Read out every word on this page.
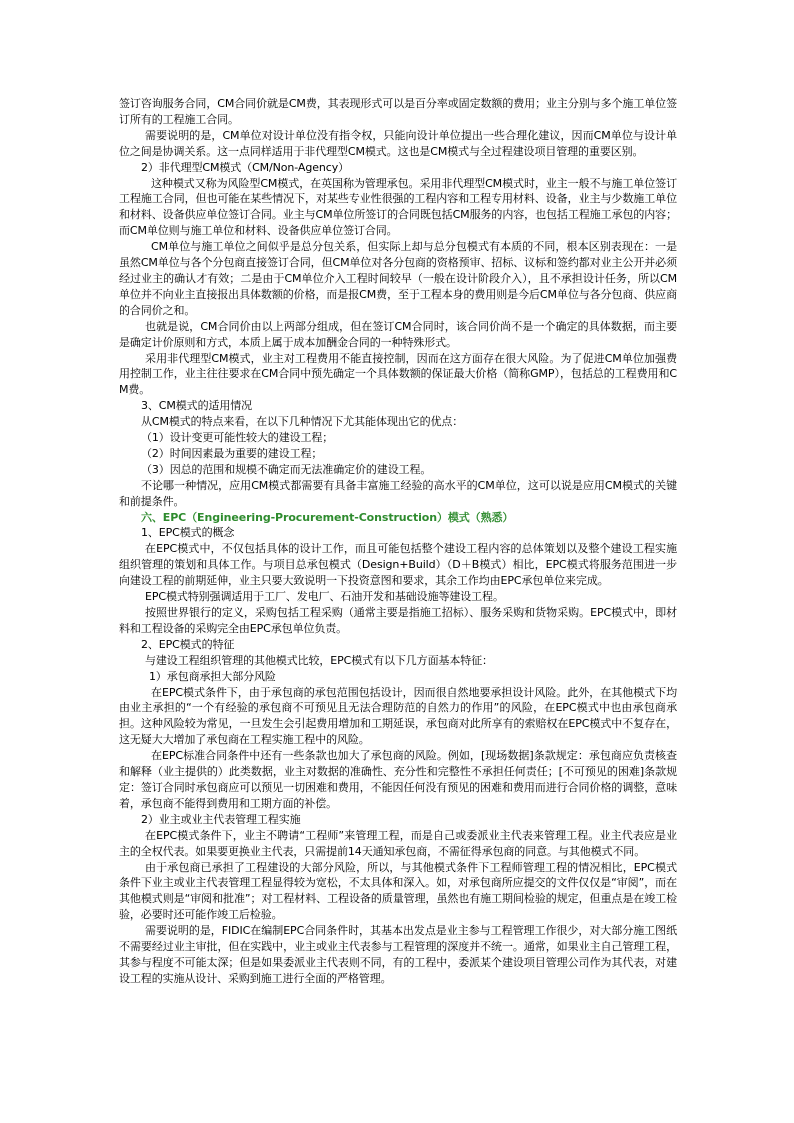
签订咨询服务合同，CM合同价就是CM费，其表现形式可以是百分率或固定数额的费用；业主分别与多个施工单位签订所有的工程施工合同。

需要说明的是，CM单位对设计单位没有指令权，只能向设计单位提出一些合理化建议，因而CM单位与设计单位之间是协调关系。这一点同样适用于非代理型CM模式。这也是CM模式与全过程建设项目管理的重要区别。

2）非代理型CM模式（CM/Non-Agency）

这种模式又称为风险型CM模式，在英国称为管理承包。采用非代理型CM模式时，业主一般不与施工单位签订工程施工合同，但也可能在某些情况下，对某些专业性很强的工程内容和工程专用材料、设备，业主与少数施工单位和材料、设备供应单位签订合同。业主与CM单位所签订的合同既包括CM服务的内容，也包括工程施工承包的内容；而CM单位则与施工单位和材料、设备供应单位签订合同。

CM单位与施工单位之间似乎是总分包关系，但实际上却与总分包模式有本质的不同，根本区别表现在：一是虽然CM单位与各个分包商直接签订合同，但CM单位对各分包商的资格预审、招标、议标和签约都对业主公开并必须经过业主的确认才有效；二是由于CM单位介入工程时间较早（一般在设计阶段介入），且不承担设计任务，所以CM单位并不向业主直接报出具体数额的价格，而是报CM费，至于工程本身的费用则是今后CM单位与各分包商、供应商的合同价之和。

也就是说，CM合同价由以上两部分组成，但在签订CM合同时，该合同价尚不是一个确定的具体数据，而主要是确定计价原则和方式，本质上属于成本加酬金合同的一种特殊形式。

采用非代理型CM模式，业主对工程费用不能直接控制，因而在这方面存在很大风险。为了促进CM单位加强费用控制工作，业主往往要求在CM合同中预先确定一个具体数额的保证最大价格（简称GMP），包括总的工程费用和CM费。

3、CM模式的适用情况

从CM模式的特点来看，在以下几种情况下尤其能体现出它的优点：

（1）设计变更可能性较大的建设工程；

（2）时间因素最为重要的建设工程；

（3）因总的范围和规模不确定而无法准确定价的建设工程。

不论哪一种情况，应用CM模式都需要有具备丰富施工经验的高水平的CM单位，这可以说是应用CM模式的关键和前提条件。

六、EPC（Engineering-Procurement-Construction）模式（熟悉）

1、EPC模式的概念

在EPC模式中，不仅包括具体的设计工作，而且可能包括整个建设工程内容的总体策划以及整个建设工程实施组织管理的策划和具体工作。与项目总承包模式（Design+Build）（D＋B模式）相比，EPC模式将服务范围进一步向建设工程的前期延伸，业主只要大致说明一下投资意图和要求，其余工作均由EPC承包单位来完成。

EPC模式特别强调适用于工厂、发电厂、石油开发和基础设施等建设工程。

按照世界银行的定义，采购包括工程采购（通常主要是指施工招标）、服务采购和货物采购。EPC模式中，即材料和工程设备的采购完全由EPC承包单位负责。

2、EPC模式的特征

与建设工程组织管理的其他模式比较，EPC模式有以下几方面基本特征：

1）承包商承担大部分风险

在EPC模式条件下，由于承包商的承包范围包括设计，因而很自然地要承担设计风险。此外，在其他模式下均由业主承担的“一个有经验的承包商不可预见且无法合理防范的自然力的作用”的风险，在EPC模式中也由承包商承担。这种风险较为常见，一旦发生会引起费用增加和工期延误，承包商对此所享有的索赔权在EPC模式中不复存在，这无疑大大增加了承包商在工程实施工程中的风险。

在EPC标准合同条件中还有一些条款也加大了承包商的风险。例如，[现场数据]条款规定：承包商应负责核查和解释（业主提供的）此类数据，业主对数据的准确性、充分性和完整性不承担任何责任；[不可预见的困难]条款规定：签订合同时承包商应可以预见一切困难和费用，不能因任何没有预见的困难和费用而进行合同价格的调整，意味着，承包商不能得到费用和工期方面的补偿。

2）业主或业主代表管理工程实施

在EPC模式条件下，业主不聘请“工程师”来管理工程，而是自己或委派业主代表来管理工程。业主代表应是业主的全权代表。如果要更换业主代表，只需提前14天通知承包商，不需征得承包商的同意。与其他模式不同。

由于承包商已承担了工程建设的大部分风险，所以，与其他模式条件下工程师管理工程的情况相比，EPC模式条件下业主或业主代表管理工程显得较为宽松，不太具体和深入。如，对承包商所应提交的文件仅仅是“审阅”，而在其他模式则是“审阅和批准”；对工程材料、工程设备的质量管理，虽然也有施工期间检验的规定，但重点是在竣工检验，必要时还可能作竣工后检验。

需要说明的是，FIDIC在编制EPC合同条件时，其基本出发点是业主参与工程管理工作很少，对大部分施工图纸不需要经过业主审批，但在实践中，业主或业主代表参与工程管理的深度并不统一。通常，如果业主自己管理工程，其参与程度不可能太深；但是如果委派业主代表则不同，有的工程中，委派某个建设项目管理公司作为其代表，对建设工程的实施从设计、采购到施工进行全面的严格管理。
